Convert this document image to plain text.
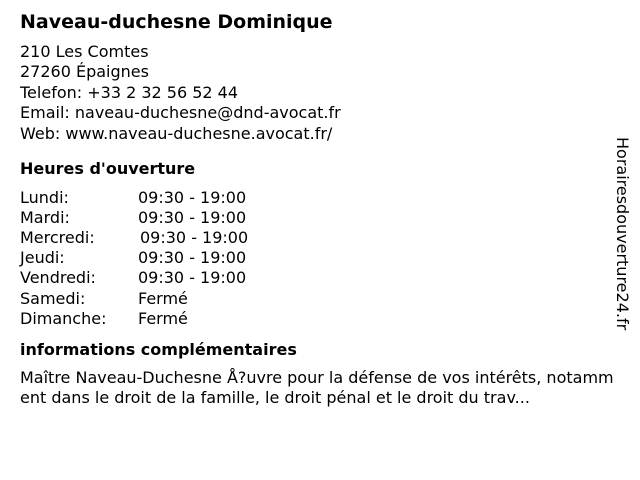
Naveau-duchesne Dominique
210 Les Comtes
27260 Épaignes
Telefon: +33 2 32 56 52 44
Email: naveau-duchesne@dnd-avocat.fr
Web: www.naveau-duchesne.avocat.fr/
Heures d'ouverture
Lundi:	09:30 - 19:00
Mardi:	09:30 - 19:00
Mercredi:	09:30 - 19:00
Jeudi:	09:30 - 19:00
Vendredi:	09:30 - 19:00
Samedi:	Fermé
Dimanche:	Fermé
informations complémentaires
Maître Naveau-Duchesne Å?uvre pour la défense de vos intérêts, notamment dans le droit de la famille, le droit pénal et le droit du trav...
Horairesdouverture24.fr
